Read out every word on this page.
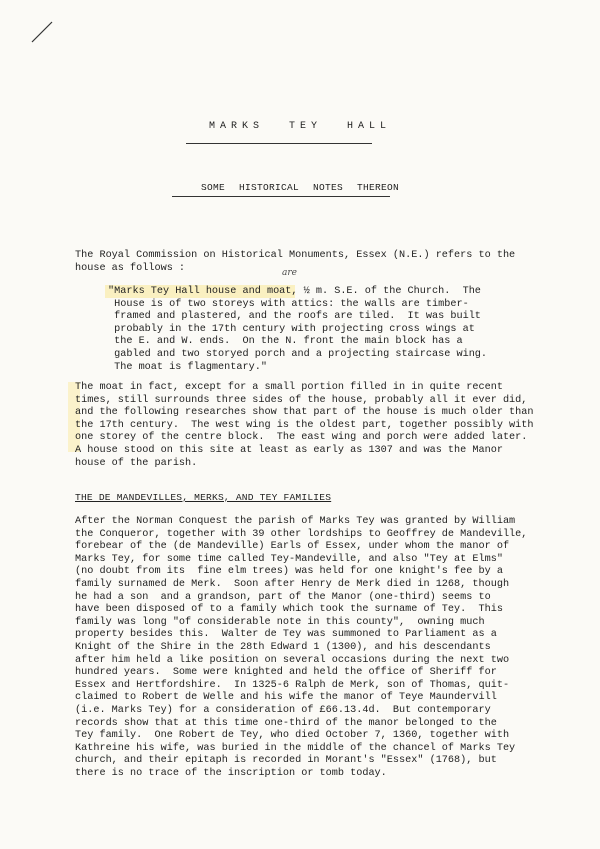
MARKS TEY HALL
SOME HISTORICAL NOTES THEREON

The Royal Commission on Historical Monuments, Essex (N.E.) refers to the
house as follows :	are

"Marks Tey Hall house and moat, ½ m. S.E. of the Church.  The
House is of two storeys with attics: the walls are timber-
framed and plastered, and the roofs are tiled.  It was built
probably in the 17th century with projecting cross wings at
the E. and W. ends.  On the N. front the main block has a
gabled and two storyed porch and a projecting staircase wing.
The moat is flagmentary."

The moat in fact, except for a small portion filled in in quite recent
times, still surrounds three sides of the house, probably all it ever did,
and the following researches show that part of the house is much older than
the 17th century.  The west wing is the oldest part, together possibly with
one storey of the centre block.  The east wing and porch were added later.
A house stood on this site at least as early as 1307 and was the Manor
house of the parish.

THE DE MANDEVILLES, MERKS, AND TEY FAMILIES

After the Norman Conquest the parish of Marks Tey was granted by William
the Conqueror, together with 39 other lordships to Geoffrey de Mandeville,
forebear of the (de Mandeville) Earls of Essex, under whom the manor of
Marks Tey, for some time called Tey-Mandeville, and also "Tey at Elms"
(no doubt from its  fine elm trees) was held for one knight's fee by a
family surnamed de Merk.  Soon after Henry de Merk died in 1268, though
he had a son  and a grandson, part of the Manor (one-third) seems to
have been disposed of to a family which took the surname of Tey.  This
family was long "of considerable note in this county",  owning much
property besides this.  Walter de Tey was summoned to Parliament as a
Knight of the Shire in the 28th Edward 1 (1300), and his descendants
after him held a like position on several occasions during the next two
hundred years.  Some were knighted and held the office of Sheriff for
Essex and Hertfordshire.  In 1325-6 Ralph de Merk, son of Thomas, quit-
claimed to Robert de Welle and his wife the manor of Teye Maundervill
(i.e. Marks Tey) for a consideration of £66.13.4d.  But contemporary
records show that at this time one-third of the manor belonged to the
Tey family.  One Robert de Tey, who died October 7, 1360, together with
Kathreine his wife, was buried in the middle of the chancel of Marks Tey
church, and their epitaph is recorded in Morant's "Essex" (1768), but
there is no trace of the inscription or tomb today.
